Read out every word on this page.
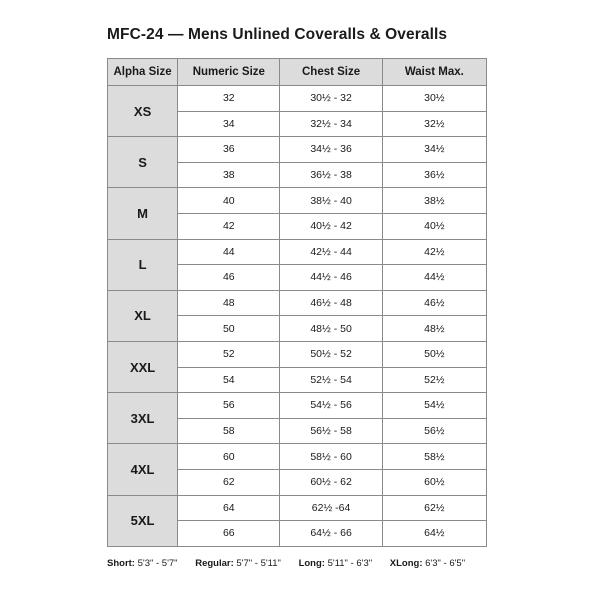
MFC-24 — Mens Unlined Coveralls & Overalls
Alpha Size	Numeric Size	Chest Size	Waist Max.
XS	32	30½ - 32	30½
	34	32½ - 34	32½
S	36	34½ - 36	34½
	38	36½ - 38	36½
M	40	38½ - 40	38½
	42	40½ - 42	40½
L	44	42½ - 44	42½
	46	44½ - 46	44½
XL	48	46½ - 48	46½
	50	48½ - 50	48½
XXL	52	50½ - 52	50½
	54	52½ - 54	52½
3XL	56	54½ - 56	54½
	58	56½ - 58	56½
4XL	60	58½ - 60	58½
	62	60½ - 62	60½
5XL	64	62½ -64	62½
	66	64½ - 66	64½
Short: 5'3" - 5'7" Regular: 5'7" - 5'11" Long: 5'11" - 6'3" XLong: 6'3" - 6'5"
